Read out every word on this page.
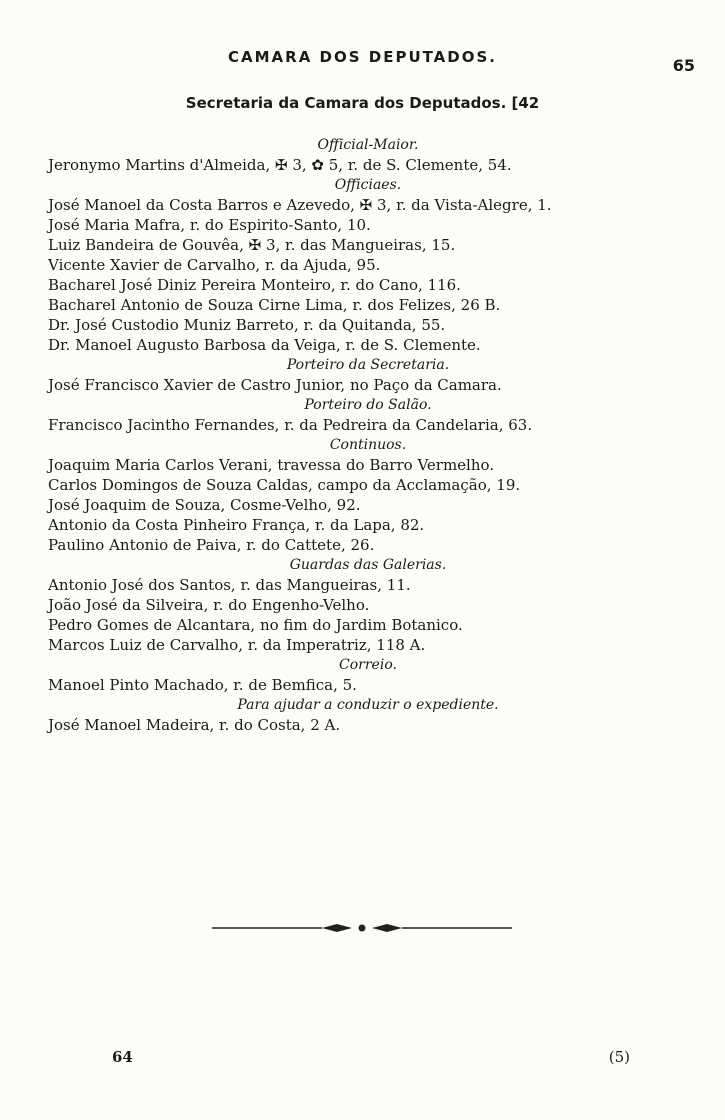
CAMARA DOS DEPUTADOS.	65
Secretaria da Camara dos Deputados. [42
Official-Maior.
Jeronymo Martins d'Almeida, ✠ 3, ✿ 5, r. de S. Clemente, 54.
Officiaes.
José Manoel da Costa Barros e Azevedo, ✠ 3, r. da Vista-Alegre, 1.
José Maria Mafra, r. do Espirito-Santo, 10.
Luiz Bandeira de Gouvêa, ✠ 3, r. das Mangueiras, 15.
Vicente Xavier de Carvalho, r. da Ajuda, 95.
Bacharel José Diniz Pereira Monteiro, r. do Cano, 116.
Bacharel Antonio de Souza Cirne Lima, r. dos Felizes, 26 B.
Dr. José Custodio Muniz Barreto, r. da Quitanda, 55.
Dr. Manoel Augusto Barbosa da Veiga, r. de S. Clemente.
Porteiro da Secretaria.
José Francisco Xavier de Castro Junior, no Paço da Camara.
Porteiro do Salão.
Francisco Jacintho Fernandes, r. da Pedreira da Candelaria, 63.
Continuos.
Joaquim Maria Carlos Verani, travessa do Barro Vermelho.
Carlos Domingos de Souza Caldas, campo da Acclamação, 19.
José Joaquim de Souza, Cosme-Velho, 92.
Antonio da Costa Pinheiro França, r. da Lapa, 82.
Paulino Antonio de Paiva, r. do Cattete, 26.
Guardas das Galerias.
Antonio José dos Santos, r. das Mangueiras, 11.
João José da Silveira, r. do Engenho-Velho.
Pedro Gomes de Alcantara, no fim do Jardim Botanico.
Marcos Luiz de Carvalho, r. da Imperatriz, 118 A.
Correio.
Manoel Pinto Machado, r. de Bemfica, 5.
Para ajudar a conduzir o expediente.
José Manoel Madeira, r. do Costa, 2 A.
64	(5)
